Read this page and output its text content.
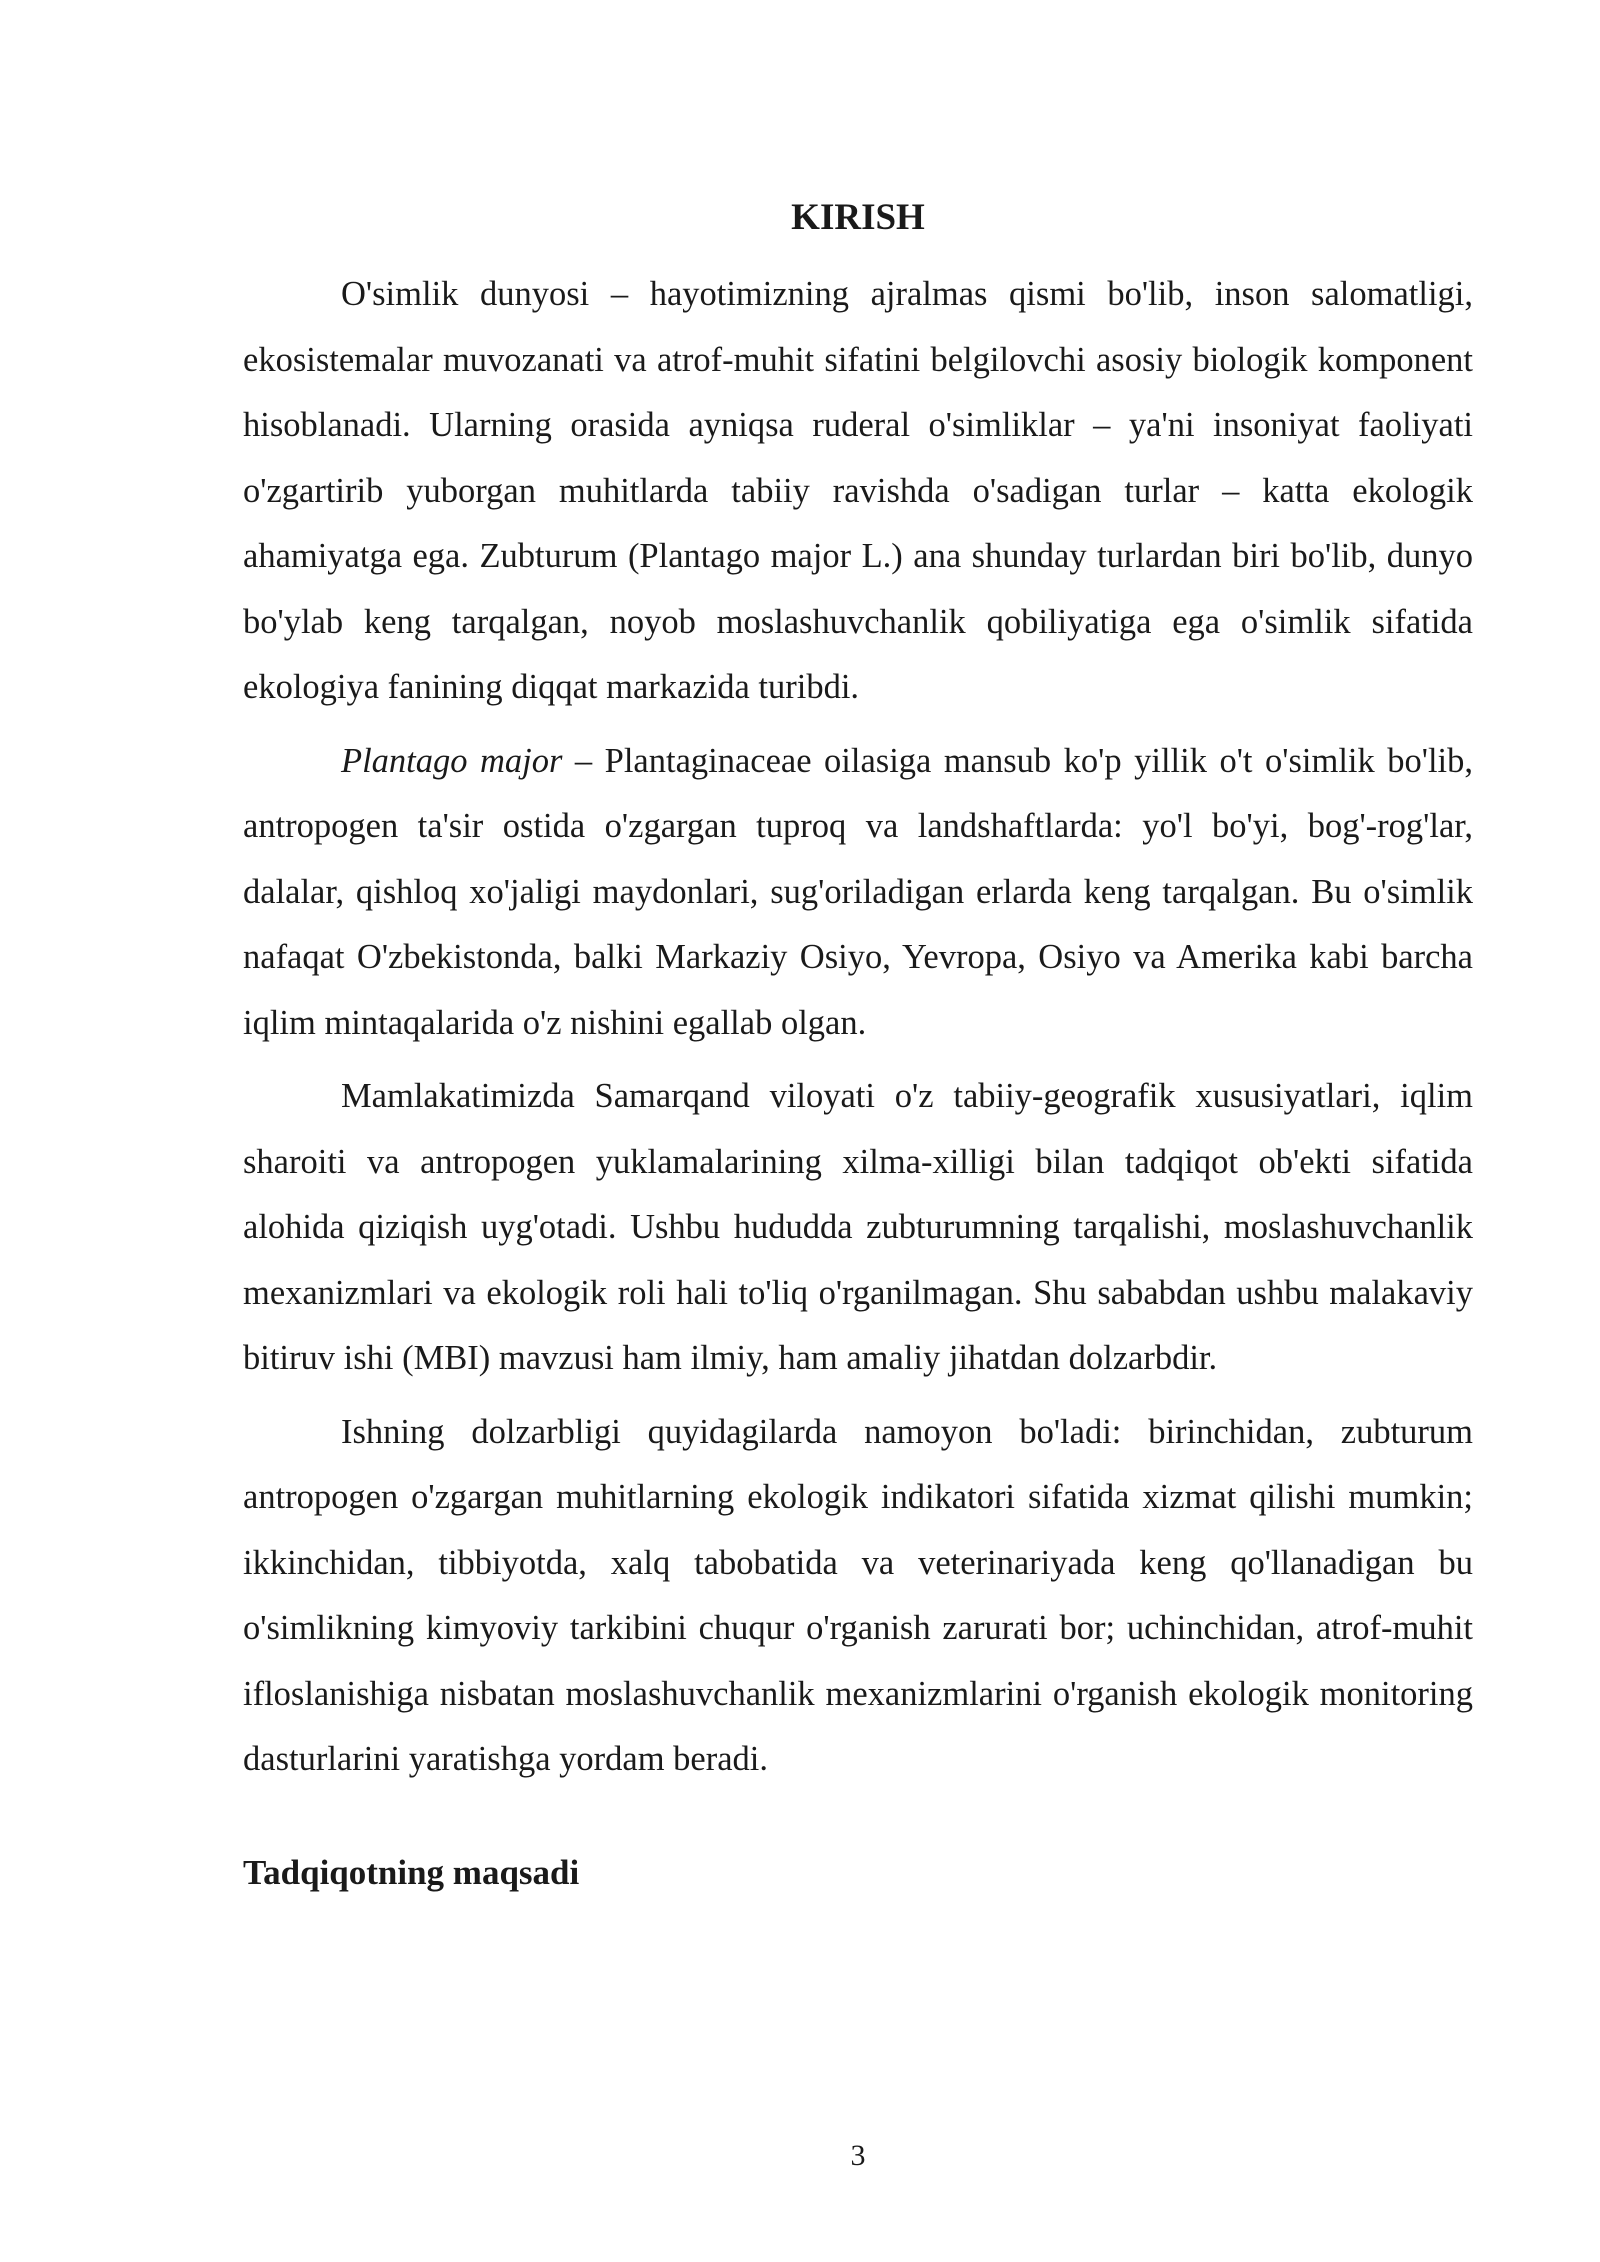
KIRISH

O'simlik dunyosi – hayotimizning ajralmas qismi bo'lib, inson salomatligi, ekosistemalar muvozanati va atrof-muhit sifatini belgilovchi asosiy biologik komponent hisoblanadi. Ularning orasida ayniqsa ruderal o'simliklar – ya'ni insoniyat faoliyati o'zgartirib yuborgan muhitlarda tabiiy ravishda o'sadigan turlar – katta ekologik ahamiyatga ega. Zubturum (Plantago major L.) ana shunday turlardan biri bo'lib, dunyo bo'ylab keng tarqalgan, noyob moslashuvchanlik qobiliyatiga ega o'simlik sifatida ekologiya fanining diqqat markazida turibdi.

Plantago major – Plantaginaceae oilasiga mansub ko'p yillik o't o'simlik bo'lib, antropogen ta'sir ostida o'zgargan tuproq va landshaftlarda: yo'l bo'yi, bog'-rog'lar, dalalar, qishloq xo'jaligi maydonlari, sug'oriladigan erlarda keng tarqalgan. Bu o'simlik nafaqat O'zbekistonda, balki Markaziy Osiyo, Yevropa, Osiyo va Amerika kabi barcha iqlim mintaqalarida o'z nishini egallab olgan.

Mamlakatimizda Samarqand viloyati o'z tabiiy-geografik xususiyatlari, iqlim sharoiti va antropogen yuklamalarining xilma-xilligi bilan tadqiqot ob'ekti sifatida alohida qiziqish uyg'otadi. Ushbu hududda zubturumning tarqalishi, moslashuvchanlik mexanizmlari va ekologik roli hali to'liq o'rganilmagan. Shu sababdan ushbu malakaviy bitiruv ishi (MBI) mavzusi ham ilmiy, ham amaliy jihatdan dolzarbdir.

Ishning dolzarbligi quyidagilarda namoyon bo'ladi: birinchidan, zubturum antropogen o'zgargan muhitlarning ekologik indikatori sifatida xizmat qilishi mumkin; ikkinchidan, tibbiyotda, xalq tabobatida va veterinariyada keng qo'llanadigan bu o'simlikning kimyoviy tarkibini chuqur o'rganish zarurati bor; uchinchidan, atrof-muhit ifloslanishiga nisbatan moslashuvchanlik mexanizmlarini o'rganish ekologik monitoring dasturlarini yaratishga yordam beradi.

Tadqiqotning maqsadi
3
